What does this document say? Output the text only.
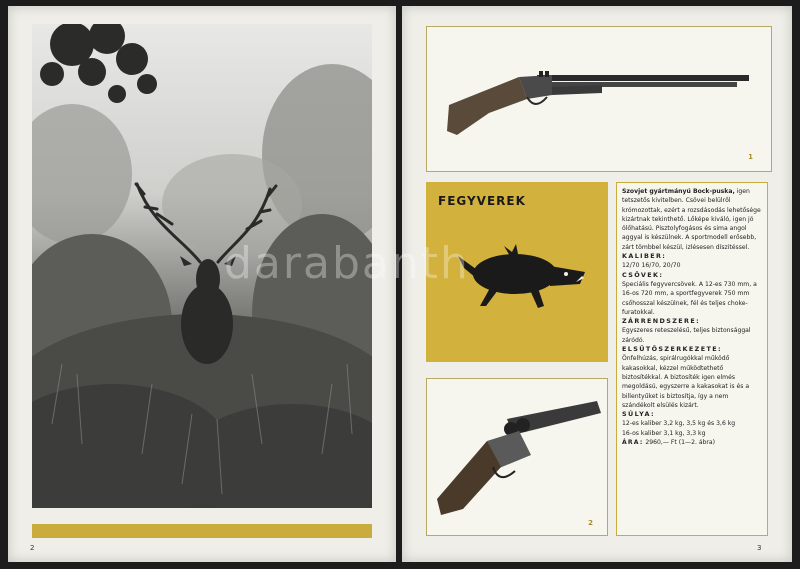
2
1
FEGYVEREK
2

Szovjet gyártmányú Bock-puska, igen tetszetős kivitelben. Csövei belülről krómozottak, ezért a rozsdásodás lehetősége kizártnak tekinthető. Lőképe kiváló, igen jó ölőhatású. Pisztolyfogásos és sima angol aggyal is készülnek. A sportmodell erősebb, zárt tömbbel készül, izlésesen díszitéssel.

KALIBER:

12/70 16/70, 20/70

CSÖVEK:

Speciális fegyvercsövek. A 12-es 730 mm, a 16-os 720 mm, a sportfegyverek 750 mm csőhosszal készülnek, fél és teljes choke-furatokkal.

ZÁRRENDSZERE:

Egyszeres reteszelésű, teljes biztonsággal záródó.

ELSÜTŐSZERKEZETE:

Önfelhúzás, spirálrugókkal működő kakasokkal, kézzel működtethető biztosítékkal. A biztosíték igen elmés megoldású, egyszerre a kakasokat is és a billentyűket is biztosítja, így a nem szándékolt elsülés kizárt.

SÚLYA:

12-es kaliber 3,2 kg, 3,5 kg és 3,6 kg

16-os kaliber 3,1 kg, 3,3 kg

ÁRA: 2960,— Ft (1—2. ábra)

3
darabanth
